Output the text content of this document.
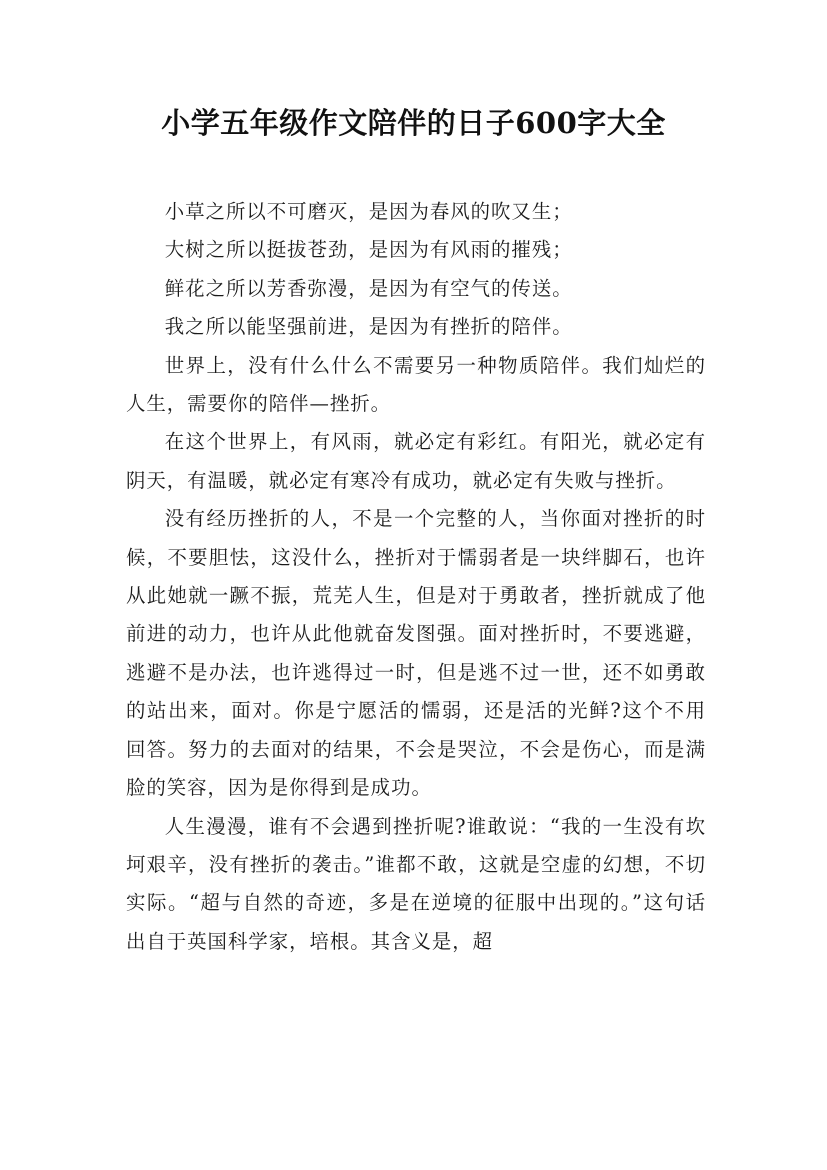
小学五年级作文陪伴的日子600字大全

小草之所以不可磨灭，是因为春风的吹又生；

大树之所以挺拔苍劲，是因为有风雨的摧残；

鲜花之所以芳香弥漫，是因为有空气的传送。

我之所以能坚强前进，是因为有挫折的陪伴。

世界上，没有什么什么不需要另一种物质陪伴。我们灿烂的人生，需要你的陪伴—挫折。

在这个世界上，有风雨，就必定有彩红。有阳光，就必定有阴天，有温暖，就必定有寒冷有成功，就必定有失败与挫折。

没有经历挫折的人，不是一个完整的人，当你面对挫折的时候，不要胆怯，这没什么，挫折对于懦弱者是一块绊脚石，也许从此她就一蹶不振，荒芜人生，但是对于勇敢者，挫折就成了他前进的动力，也许从此他就奋发图强。面对挫折时，不要逃避，逃避不是办法，也许逃得过一时，但是逃不过一世，还不如勇敢的站出来，面对。你是宁愿活的懦弱，还是活的光鲜?这个不用回答。努力的去面对的结果，不会是哭泣，不会是伤心，而是满脸的笑容，因为是你得到是成功。

人生漫漫，谁有不会遇到挫折呢?谁敢说：“我的一生没有坎坷艰辛，没有挫折的袭击。”谁都不敢，这就是空虚的幻想，不切实际。“超与自然的奇迹，多是在逆境的征服中出现的。”这句话出自于英国科学家，培根。其含义是，超
